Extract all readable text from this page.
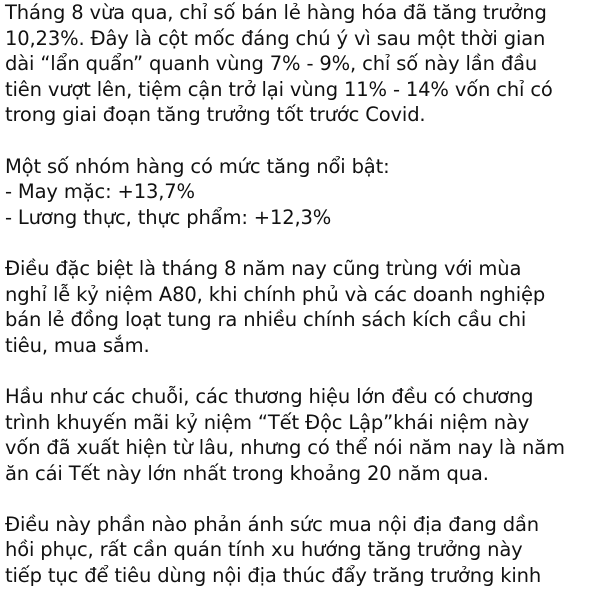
Tháng 8 vừa qua, chỉ số bán lẻ hàng hóa đã tăng trưởng
10,23%. Đây là cột mốc đáng chú ý vì sau một thời gian
dài “lẩn quẩn” quanh vùng 7% - 9%, chỉ số này lần đầu
tiên vượt lên, tiệm cận trở lại vùng 11% - 14% vốn chỉ có
trong giai đoạn tăng trưởng tốt trước Covid.

Một số nhóm hàng có mức tăng nổi bật:
- May mặc: +13,7%
- Lương thực, thực phẩm: +12,3%

Điều đặc biệt là tháng 8 năm nay cũng trùng với mùa
nghỉ lễ kỷ niệm A80, khi chính phủ và các doanh nghiệp
bán lẻ đồng loạt tung ra nhiều chính sách kích cầu chi
tiêu, mua sắm.

Hầu như các chuỗi, các thương hiệu lớn đều có chương
trình khuyến mãi kỷ niệm “Tết Độc Lập”khái niệm này
vốn đã xuất hiện từ lâu, nhưng có thể nói năm nay là năm
ăn cái Tết này lớn nhất trong khoảng 20 năm qua.

Điều này phần nào phản ánh sức mua nội địa đang dần
hồi phục, rất cần quán tính xu hướng tăng trưởng này
tiếp tục để tiêu dùng nội địa thúc đẩy trăng trưởng kinh
